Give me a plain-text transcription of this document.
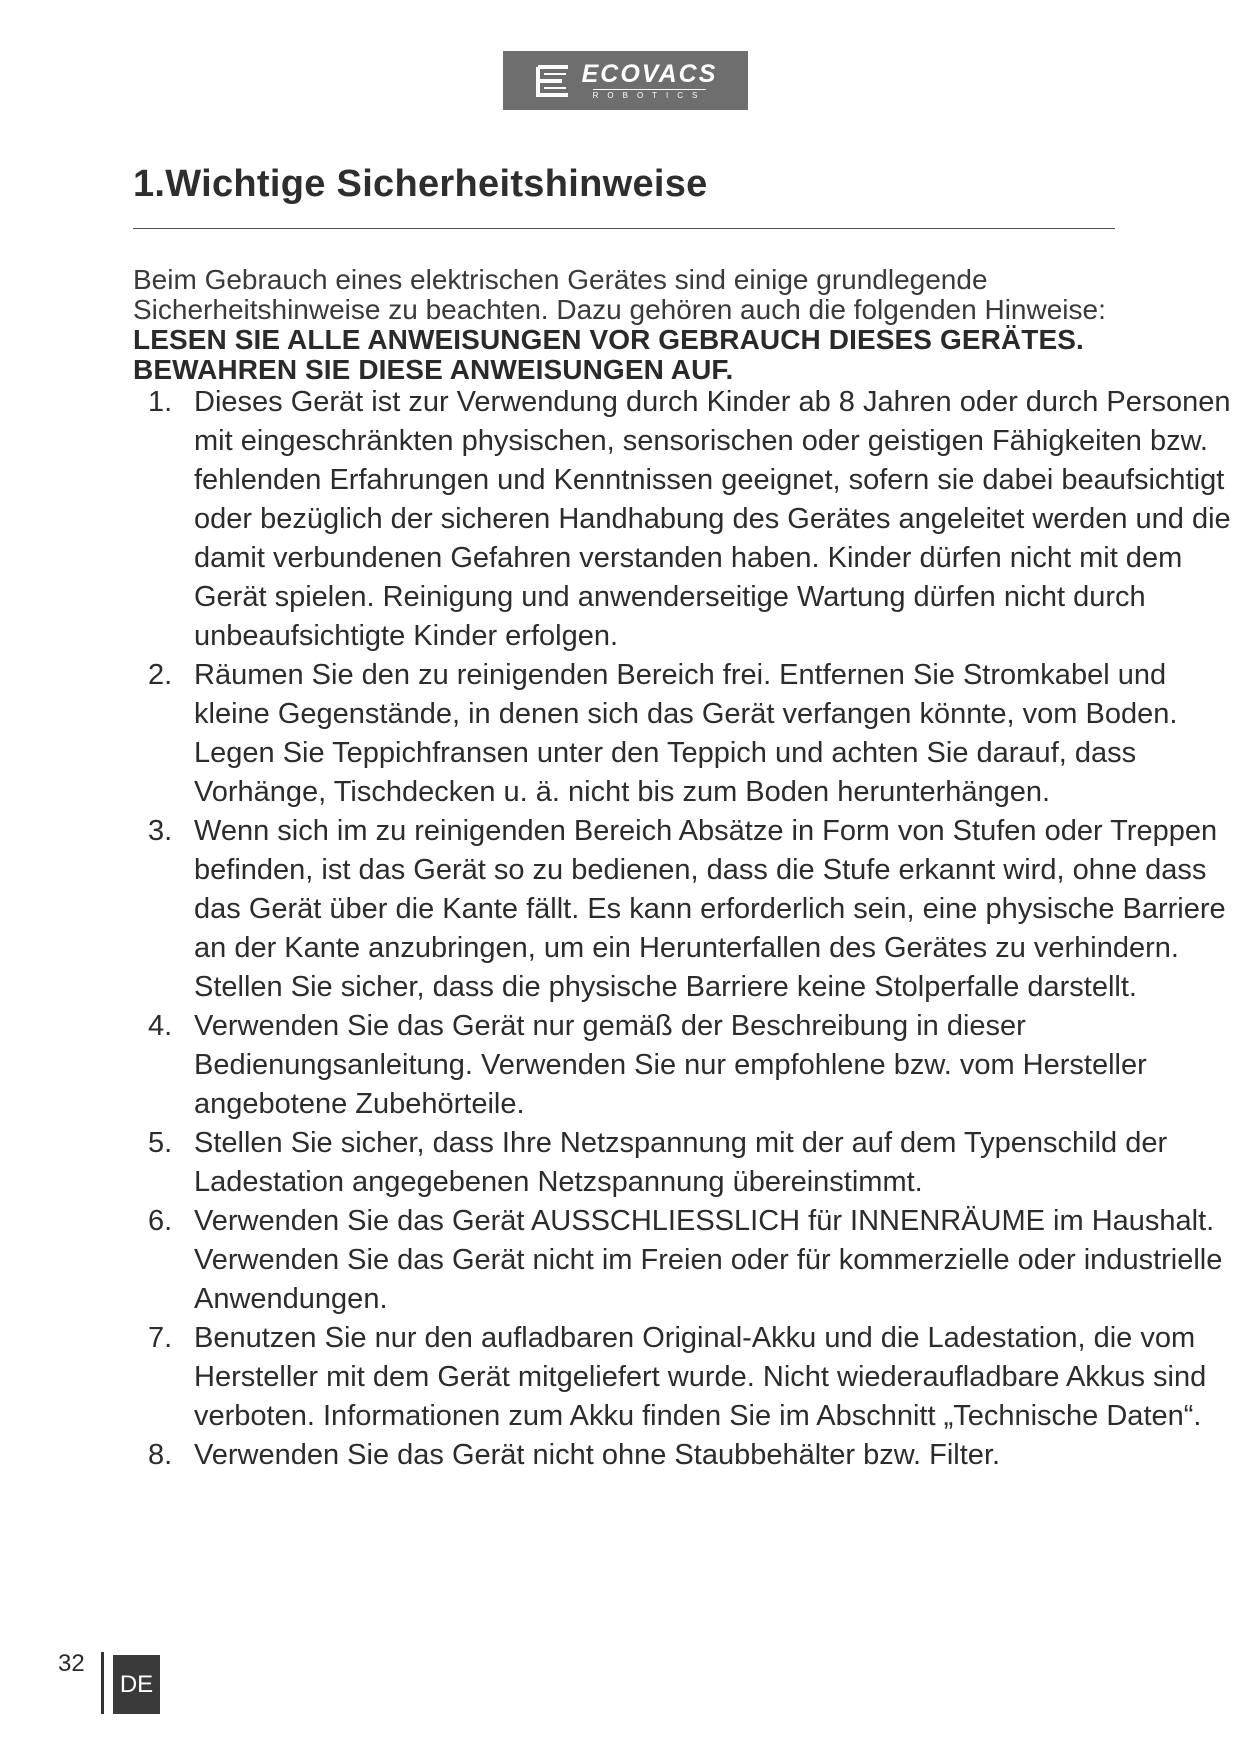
ECOVACS
ROBOTICS
1.Wichtige Sicherheitshinweise
Beim Gebrauch eines elektrischen Gerätes sind einige grundlegende
Sicherheitshinweise zu beachten. Dazu gehören auch die folgenden Hinweise:
LESEN SIE ALLE ANWEISUNGEN VOR GEBRAUCH DIESES GERÄTES.
BEWAHREN SIE DIESE ANWEISUNGEN AUF.
1. Dieses Gerät ist zur Verwendung durch Kinder ab 8 Jahren oder durch Personen mit eingeschränkten physischen, sensorischen oder geistigen Fähigkeiten bzw. fehlenden Erfahrungen und Kenntnissen geeignet, sofern sie dabei beaufsichtigt oder bezüglich der sicheren Handhabung des Gerätes angeleitet werden und die damit verbundenen Gefahren verstanden haben. Kinder dürfen nicht mit dem Gerät spielen. Reinigung und anwenderseitige Wartung dürfen nicht durch unbeaufsichtigte Kinder erfolgen.
2. Räumen Sie den zu reinigenden Bereich frei. Entfernen Sie Stromkabel und kleine Gegenstände, in denen sich das Gerät verfangen könnte, vom Boden. Legen Sie Teppichfransen unter den Teppich und achten Sie darauf, dass Vorhänge, Tischdecken u. ä. nicht bis zum Boden herunterhängen.
3. Wenn sich im zu reinigenden Bereich Absätze in Form von Stufen oder Treppen befinden, ist das Gerät so zu bedienen, dass die Stufe erkannt wird, ohne dass das Gerät über die Kante fällt. Es kann erforderlich sein, eine physische Barriere an der Kante anzubringen, um ein Herunterfallen des Gerätes zu verhindern. Stellen Sie sicher, dass die physische Barriere keine Stolperfalle darstellt.
4. Verwenden Sie das Gerät nur gemäß der Beschreibung in dieser Bedienungsanleitung. Verwenden Sie nur empfohlene bzw. vom Hersteller angebotene Zubehörteile.
5. Stellen Sie sicher, dass Ihre Netzspannung mit der auf dem Typenschild der Ladestation angegebenen Netzspannung übereinstimmt.
6. Verwenden Sie das Gerät AUSSCHLIESSLICH für INNENRÄUME im Haushalt. Verwenden Sie das Gerät nicht im Freien oder für kommerzielle oder industrielle Anwendungen.
7. Benutzen Sie nur den aufladbaren Original-Akku und die Ladestation, die vom Hersteller mit dem Gerät mitgeliefert wurde. Nicht wiederaufladbare Akkus sind verboten. Informationen zum Akku finden Sie im Abschnitt „Technische Daten“.
8. Verwenden Sie das Gerät nicht ohne Staubbehälter bzw. Filter.
32
DE
